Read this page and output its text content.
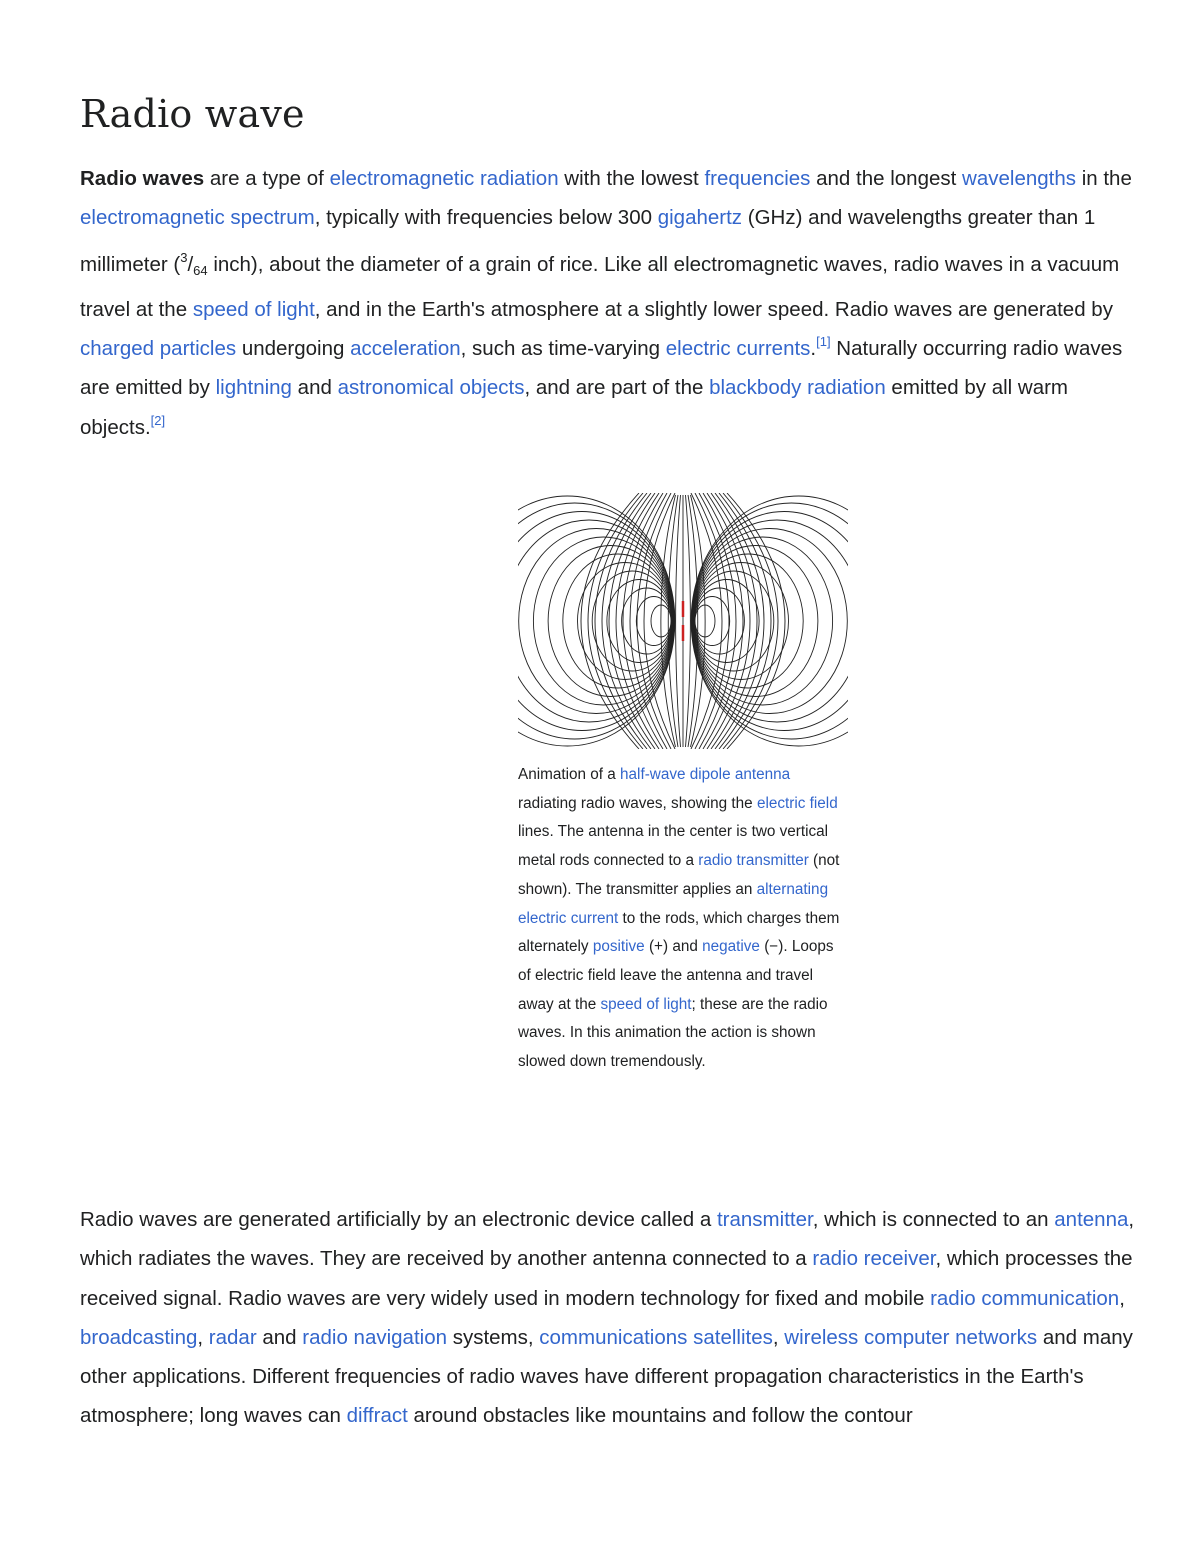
Radio wave

Radio waves are a type of electromagnetic radiation with the lowest frequencies and the longest wavelengths in the electromagnetic spectrum, typically with frequencies below 300 gigahertz (GHz) and wavelengths greater than 1 millimeter ($^3$/64 inch), about the diameter of a grain of rice. Like all electromagnetic waves, radio waves in a vacuum travel at the speed of light, and in the Earth's atmosphere at a slightly lower speed. Radio waves are generated by charged particles undergoing acceleration, such as time-varying electric currents.[1] Naturally occurring radio waves are emitted by lightning and astronomical objects, and are part of the blackbody radiation emitted by all warm objects.[2]

Animation of a half-wave dipole antenna radiating radio waves, showing the electric field lines. The antenna in the center is two vertical metal rods connected to a radio transmitter (not shown). The transmitter applies an alternating electric current to the rods, which charges them alternately positive (+) and negative (−). Loops of electric field leave the antenna and travel away at the speed of light; these are the radio waves. In this animation the action is shown slowed down tremendously.

Radio waves are generated artificially by an electronic device called a transmitter, which is connected to an antenna, which radiates the waves. They are received by another antenna connected to a radio receiver, which processes the received signal. Radio waves are very widely used in modern technology for fixed and mobile radio communication, broadcasting, radar and radio navigation systems, communications satellites, wireless computer networks and many other applications. Different frequencies of radio waves have different propagation characteristics in the Earth's atmosphere; long waves can diffract around obstacles like mountains and follow the contour
